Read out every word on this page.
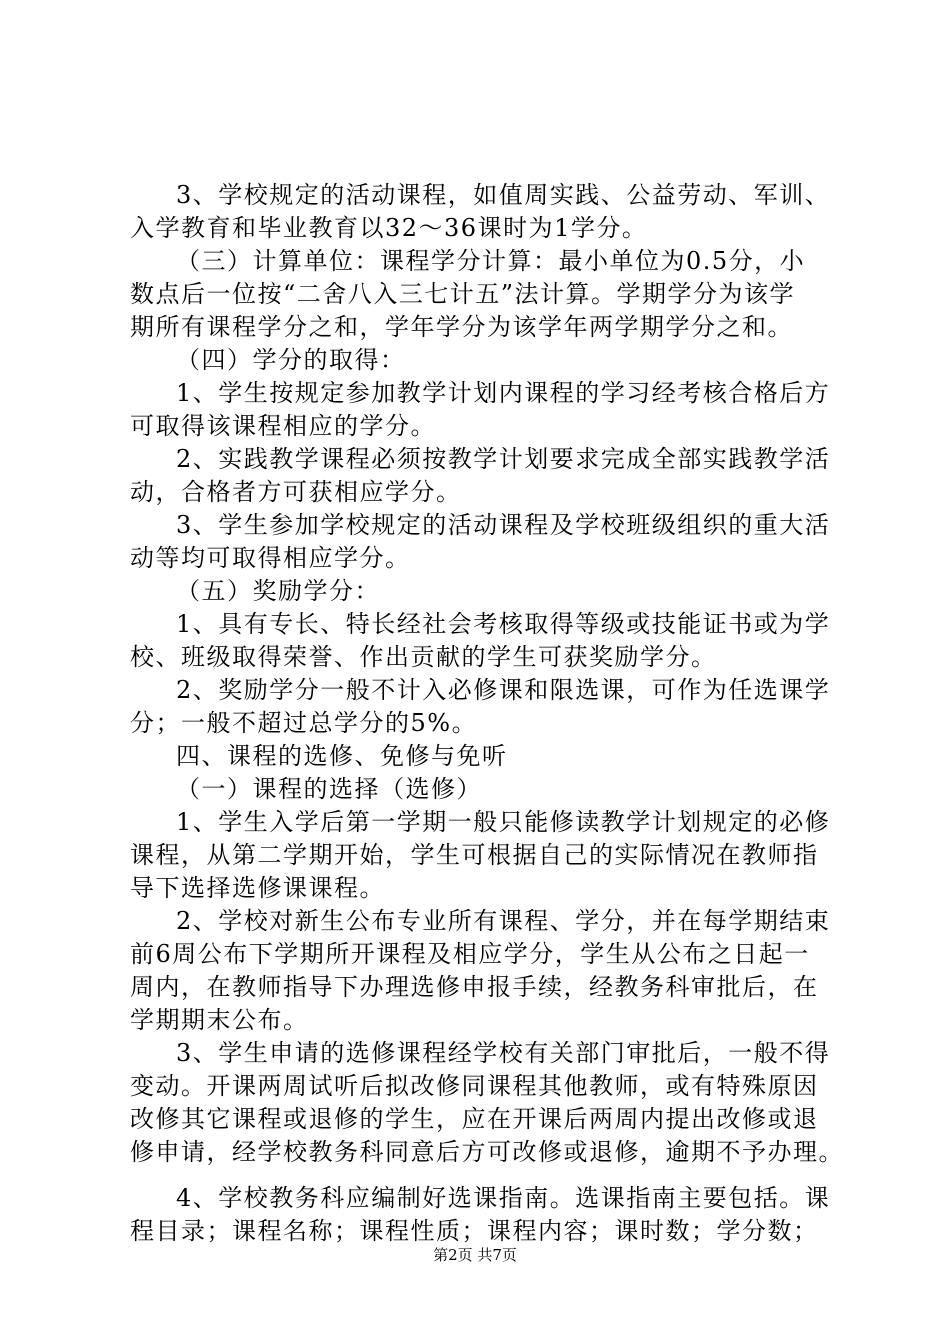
3、学校规定的活动课程，如值周实践、公益劳动、军训、
入学教育和毕业教育以32～36课时为1学分。
（三）计算单位：课程学分计算：最小单位为0.5分，小
数点后一位按“二舍八入三七计五”法计算。学期学分为该学
期所有课程学分之和，学年学分为该学年两学期学分之和。
（四）学分的取得：
1、学生按规定参加教学计划内课程的学习经考核合格后方
可取得该课程相应的学分。
2、实践教学课程必须按教学计划要求完成全部实践教学活
动，合格者方可获相应学分。
3、学生参加学校规定的活动课程及学校班级组织的重大活
动等均可取得相应学分。
（五）奖励学分：
1、具有专长、特长经社会考核取得等级或技能证书或为学
校、班级取得荣誉、作出贡献的学生可获奖励学分。
2、奖励学分一般不计入必修课和限选课，可作为任选课学
分；一般不超过总学分的5%。
四、课程的选修、免修与免听
（一）课程的选择（选修）
1、学生入学后第一学期一般只能修读教学计划规定的必修
课程，从第二学期开始，学生可根据自己的实际情况在教师指
导下选择选修课课程。
2、学校对新生公布专业所有课程、学分，并在每学期结束
前6周公布下学期所开课程及相应学分，学生从公布之日起一
周内，在教师指导下办理选修申报手续，经教务科审批后，在
学期期末公布。
3、学生申请的选修课程经学校有关部门审批后，一般不得
变动。开课两周试听后拟改修同课程其他教师，或有特殊原因
改修其它课程或退修的学生，应在开课后两周内提出改修或退
修申请，经学校教务科同意后方可改修或退修，逾期不予办理。
4、学校教务科应编制好选课指南。选课指南主要包括。课
程目录；课程名称；课程性质；课程内容；课时数；学分数；
第2页 共7页
